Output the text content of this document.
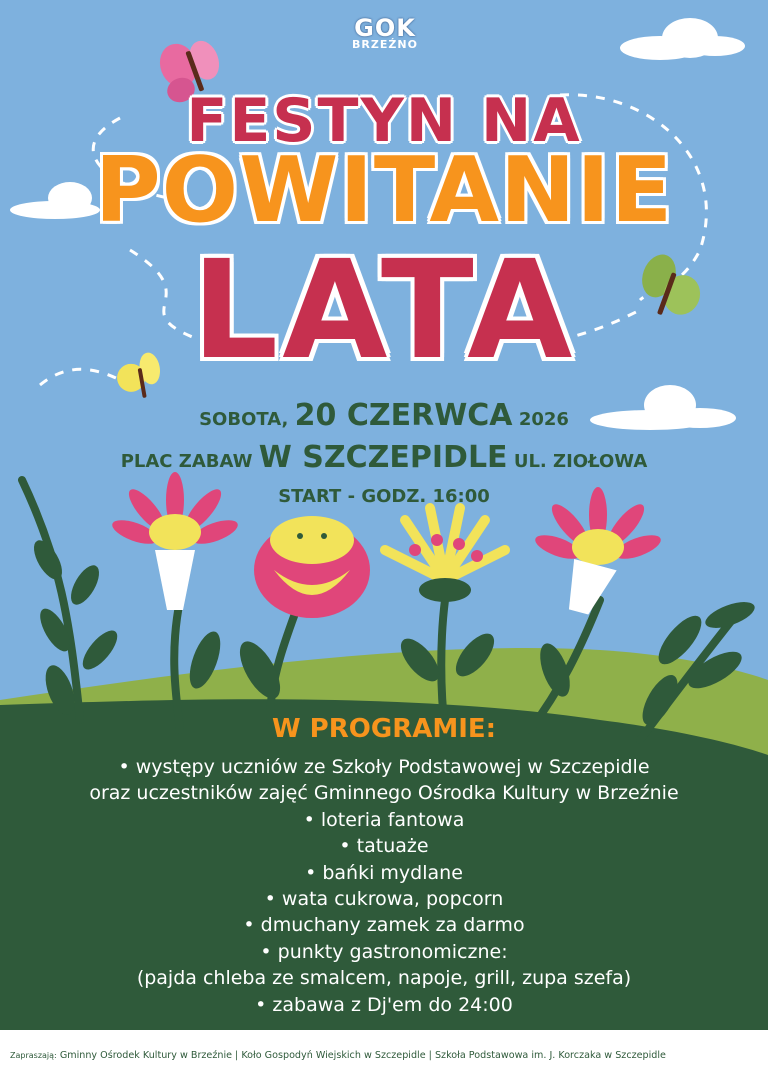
GOK
BRZEŹNO
FESTYN NA
POWITANIE
LATA
SOBOTA, 20 CZERWCA 2026
PLAC ZABAW W SZCZEPIDLE UL. ZIOŁOWA
START - GODZ. 16:00
W PROGRAMIE:
• występy uczniów ze Szkoły Podstawowej w Szczepidle
oraz uczestników zajęć Gminnego Ośrodka Kultury w Brzeźnie
• loteria fantowa
• tatuaże
• bańki mydlane
• wata cukrowa, popcorn
• dmuchany zamek za darmo
• punkty gastronomiczne:
(pajda chleba ze smalcem, napoje, grill, zupa szefa)
• zabawa z Dj'em do 24:00
Zapraszają: Gminny Ośrodek Kultury w Brzeźnie | Koło Gospodyń Wiejskich w Szczepidle | Szkoła Podstawowa im. J. Korczaka w Szczepidle
